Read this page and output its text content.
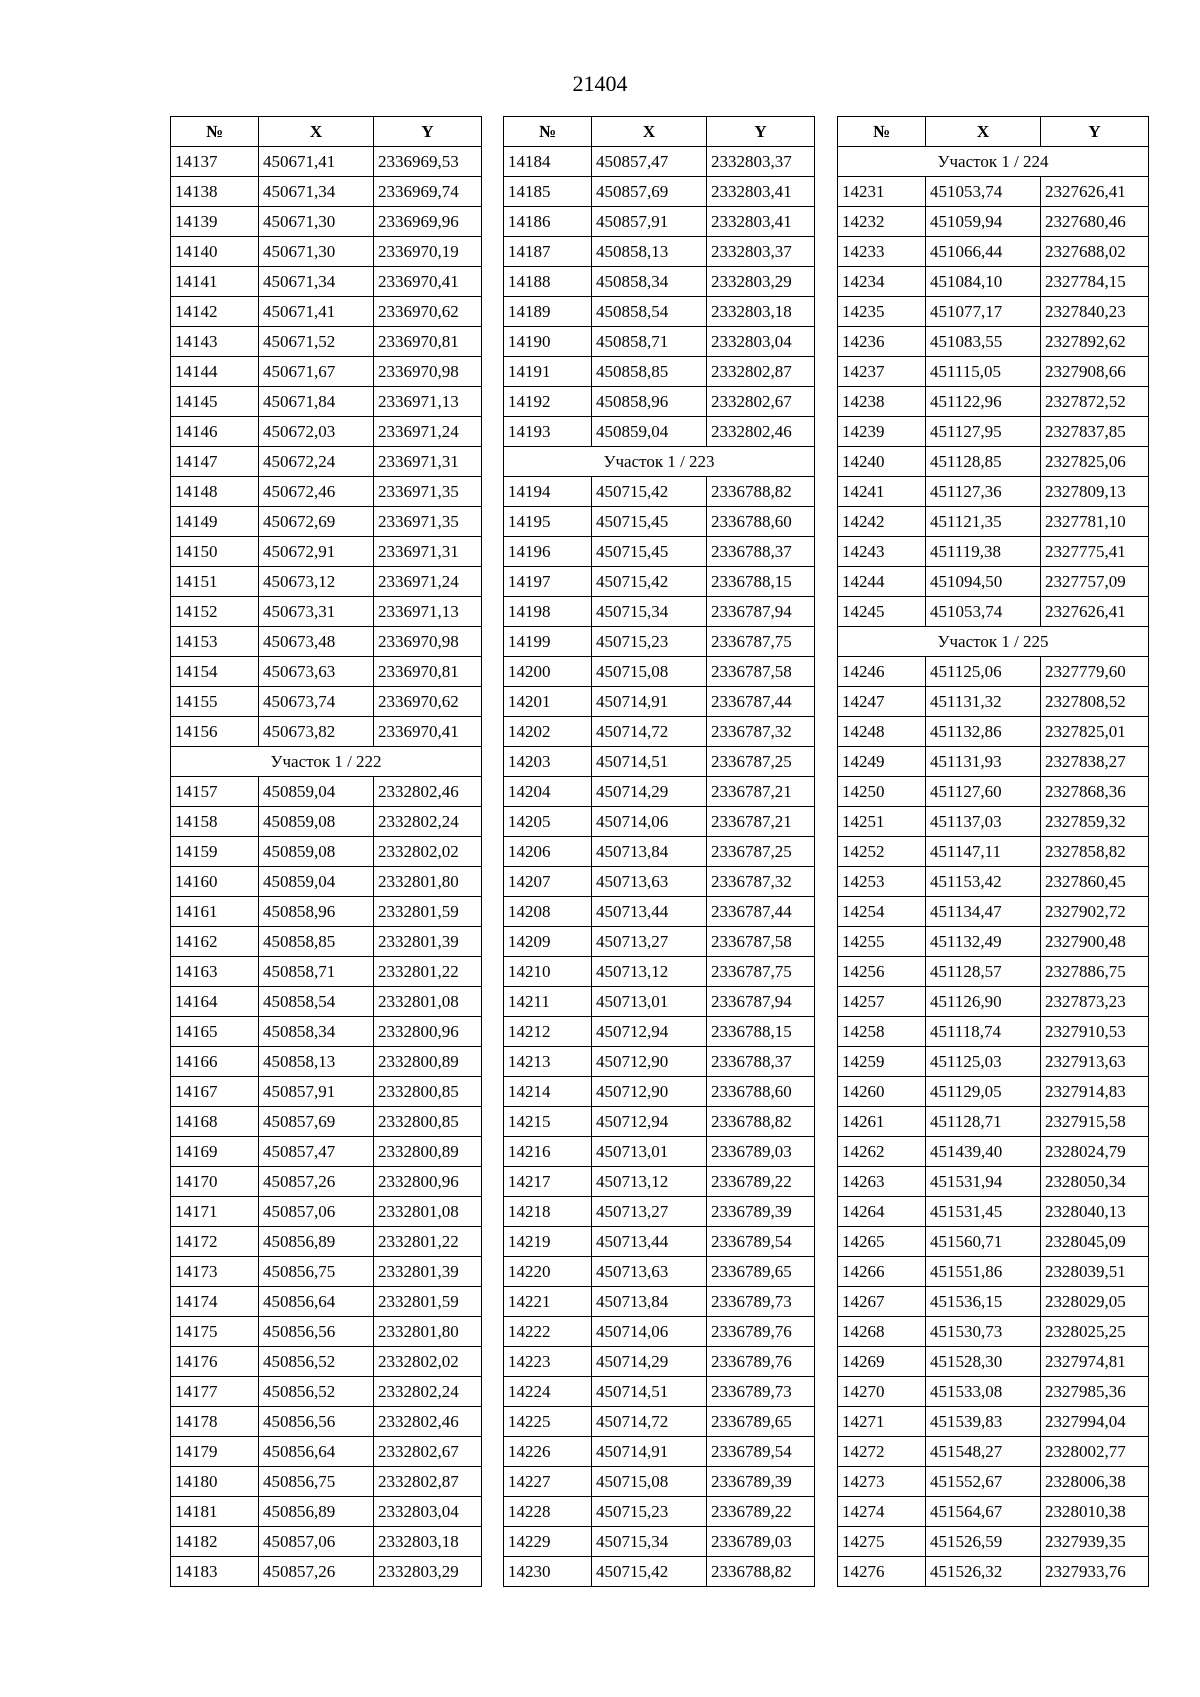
21404
№	X	Y
14137	450671,41	2336969,53
14138	450671,34	2336969,74
14139	450671,30	2336969,96
14140	450671,30	2336970,19
14141	450671,34	2336970,41
14142	450671,41	2336970,62
14143	450671,52	2336970,81
14144	450671,67	2336970,98
14145	450671,84	2336971,13
14146	450672,03	2336971,24
14147	450672,24	2336971,31
14148	450672,46	2336971,35
14149	450672,69	2336971,35
14150	450672,91	2336971,31
14151	450673,12	2336971,24
14152	450673,31	2336971,13
14153	450673,48	2336970,98
14154	450673,63	2336970,81
14155	450673,74	2336970,62
14156	450673,82	2336970,41
Участок 1 / 222		
14157	450859,04	2332802,46
14158	450859,08	2332802,24
14159	450859,08	2332802,02
14160	450859,04	2332801,80
14161	450858,96	2332801,59
14162	450858,85	2332801,39
14163	450858,71	2332801,22
14164	450858,54	2332801,08
14165	450858,34	2332800,96
14166	450858,13	2332800,89
14167	450857,91	2332800,85
14168	450857,69	2332800,85
14169	450857,47	2332800,89
14170	450857,26	2332800,96
14171	450857,06	2332801,08
14172	450856,89	2332801,22
14173	450856,75	2332801,39
14174	450856,64	2332801,59
14175	450856,56	2332801,80
14176	450856,52	2332802,02
14177	450856,52	2332802,24
14178	450856,56	2332802,46
14179	450856,64	2332802,67
14180	450856,75	2332802,87
14181	450856,89	2332803,04
14182	450857,06	2332803,18
14183	450857,26	2332803,29
№	X	Y
14184	450857,47	2332803,37
14185	450857,69	2332803,41
14186	450857,91	2332803,41
14187	450858,13	2332803,37
14188	450858,34	2332803,29
14189	450858,54	2332803,18
14190	450858,71	2332803,04
14191	450858,85	2332802,87
14192	450858,96	2332802,67
14193	450859,04	2332802,46
Участок 1 / 223		
14194	450715,42	2336788,82
14195	450715,45	2336788,60
14196	450715,45	2336788,37
14197	450715,42	2336788,15
14198	450715,34	2336787,94
14199	450715,23	2336787,75
14200	450715,08	2336787,58
14201	450714,91	2336787,44
14202	450714,72	2336787,32
14203	450714,51	2336787,25
14204	450714,29	2336787,21
14205	450714,06	2336787,21
14206	450713,84	2336787,25
14207	450713,63	2336787,32
14208	450713,44	2336787,44
14209	450713,27	2336787,58
14210	450713,12	2336787,75
14211	450713,01	2336787,94
14212	450712,94	2336788,15
14213	450712,90	2336788,37
14214	450712,90	2336788,60
14215	450712,94	2336788,82
14216	450713,01	2336789,03
14217	450713,12	2336789,22
14218	450713,27	2336789,39
14219	450713,44	2336789,54
14220	450713,63	2336789,65
14221	450713,84	2336789,73
14222	450714,06	2336789,76
14223	450714,29	2336789,76
14224	450714,51	2336789,73
14225	450714,72	2336789,65
14226	450714,91	2336789,54
14227	450715,08	2336789,39
14228	450715,23	2336789,22
14229	450715,34	2336789,03
14230	450715,42	2336788,82
№	X	Y
Участок 1 / 224		
14231	451053,74	2327626,41
14232	451059,94	2327680,46
14233	451066,44	2327688,02
14234	451084,10	2327784,15
14235	451077,17	2327840,23
14236	451083,55	2327892,62
14237	451115,05	2327908,66
14238	451122,96	2327872,52
14239	451127,95	2327837,85
14240	451128,85	2327825,06
14241	451127,36	2327809,13
14242	451121,35	2327781,10
14243	451119,38	2327775,41
14244	451094,50	2327757,09
14245	451053,74	2327626,41
Участок 1 / 225		
14246	451125,06	2327779,60
14247	451131,32	2327808,52
14248	451132,86	2327825,01
14249	451131,93	2327838,27
14250	451127,60	2327868,36
14251	451137,03	2327859,32
14252	451147,11	2327858,82
14253	451153,42	2327860,45
14254	451134,47	2327902,72
14255	451132,49	2327900,48
14256	451128,57	2327886,75
14257	451126,90	2327873,23
14258	451118,74	2327910,53
14259	451125,03	2327913,63
14260	451129,05	2327914,83
14261	451128,71	2327915,58
14262	451439,40	2328024,79
14263	451531,94	2328050,34
14264	451531,45	2328040,13
14265	451560,71	2328045,09
14266	451551,86	2328039,51
14267	451536,15	2328029,05
14268	451530,73	2328025,25
14269	451528,30	2327974,81
14270	451533,08	2327985,36
14271	451539,83	2327994,04
14272	451548,27	2328002,77
14273	451552,67	2328006,38
14274	451564,67	2328010,38
14275	451526,59	2327939,35
14276	451526,32	2327933,76
